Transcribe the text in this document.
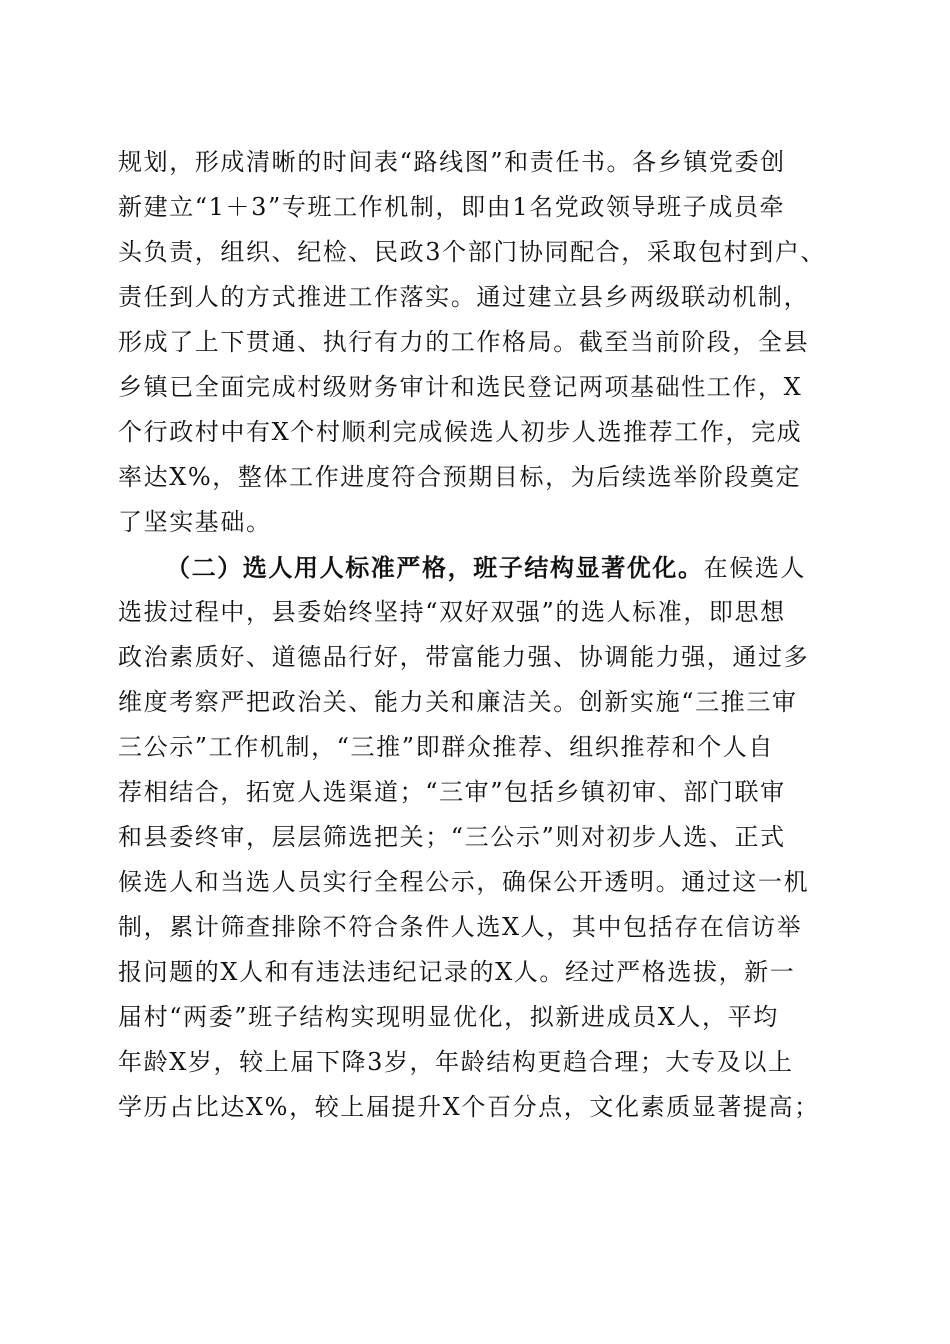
规划，形成清晰的时间表“路线图”和责任书。各乡镇党委创
新建立“1＋3”专班工作机制，即由1名党政领导班子成员牵
头负责，组织、纪检、民政3个部门协同配合，采取包村到户、
责任到人的方式推进工作落实。通过建立县乡两级联动机制，
形成了上下贯通、执行有力的工作格局。截至当前阶段，全县
乡镇已全面完成村级财务审计和选民登记两项基础性工作，X
个行政村中有X个村顺利完成候选人初步人选推荐工作，完成
率达X%，整体工作进度符合预期目标，为后续选举阶段奠定
了坚实基础。
（二）选人用人标准严格，班子结构显著优化。在候选人
选拔过程中，县委始终坚持“双好双强”的选人标准，即思想
政治素质好、道德品行好，带富能力强、协调能力强，通过多
维度考察严把政治关、能力关和廉洁关。创新实施“三推三审
三公示”工作机制，“三推”即群众推荐、组织推荐和个人自
荐相结合，拓宽人选渠道；“三审”包括乡镇初审、部门联审
和县委终审，层层筛选把关；“三公示”则对初步人选、正式
候选人和当选人员实行全程公示，确保公开透明。通过这一机
制，累计筛查排除不符合条件人选X人，其中包括存在信访举
报问题的X人和有违法违纪记录的X人。经过严格选拔，新一
届村“两委”班子结构实现明显优化，拟新进成员X人，平均
年龄X岁，较上届下降3岁，年龄结构更趋合理；大专及以上
学历占比达X%，较上届提升X个百分点，文化素质显著提高；
